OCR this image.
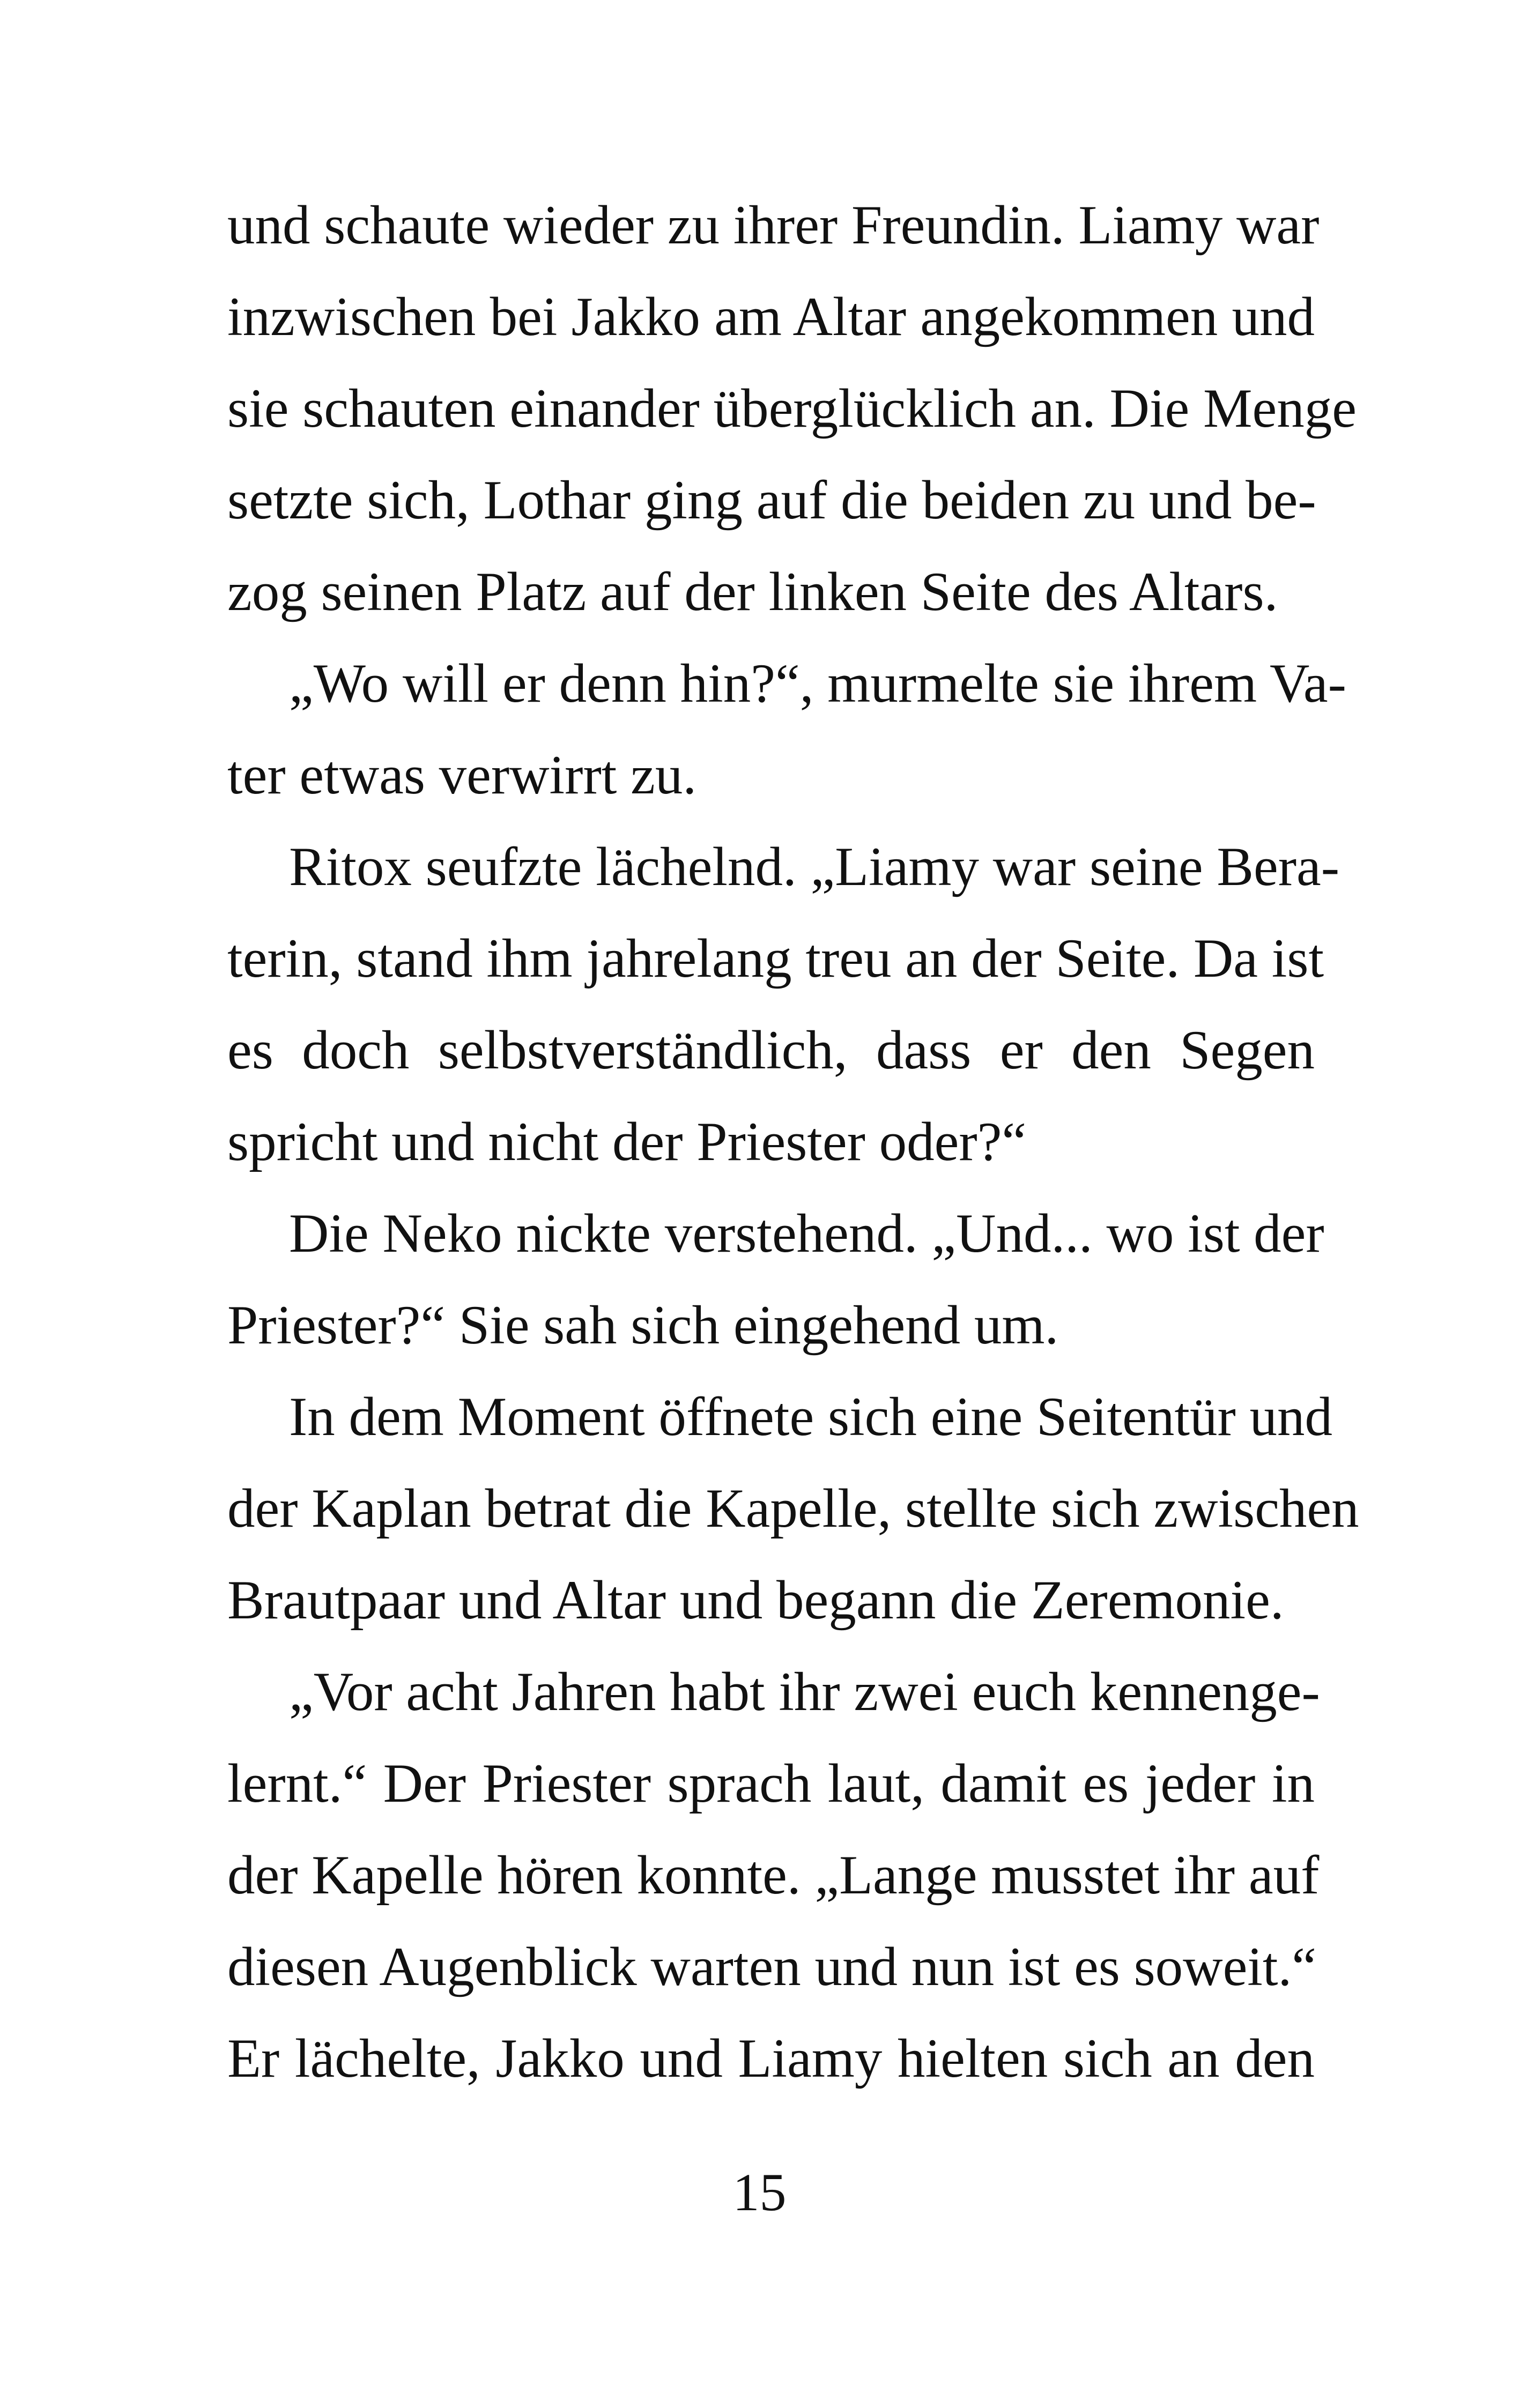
und schaute wieder zu ihrer Freundin. Liamy war
inzwischen bei Jakko am Altar angekommen und
sie schauten einander überglücklich an. Die Menge
setzte sich, Lothar ging auf die beiden zu und be-
zog seinen Platz auf der linken Seite des Altars.
„Wo will er denn hin?“, murmelte sie ihrem Va-
ter etwas verwirrt zu.
Ritox seufzte lächelnd. „Liamy war seine Bera-
terin, stand ihm jahrelang treu an der Seite. Da ist
es doch selbstverständlich, dass er den Segen
spricht und nicht der Priester oder?“
Die Neko nickte verstehend. „Und... wo ist der
Priester?“ Sie sah sich eingehend um.
In dem Moment öffnete sich eine Seitentür und
der Kaplan betrat die Kapelle, stellte sich zwischen
Brautpaar und Altar und begann die Zeremonie.
„Vor acht Jahren habt ihr zwei euch kennenge-
lernt.“ Der Priester sprach laut, damit es jeder in
der Kapelle hören konnte. „Lange musstet ihr auf
diesen Augenblick warten und nun ist es soweit.“
Er lächelte, Jakko und Liamy hielten sich an den
15
